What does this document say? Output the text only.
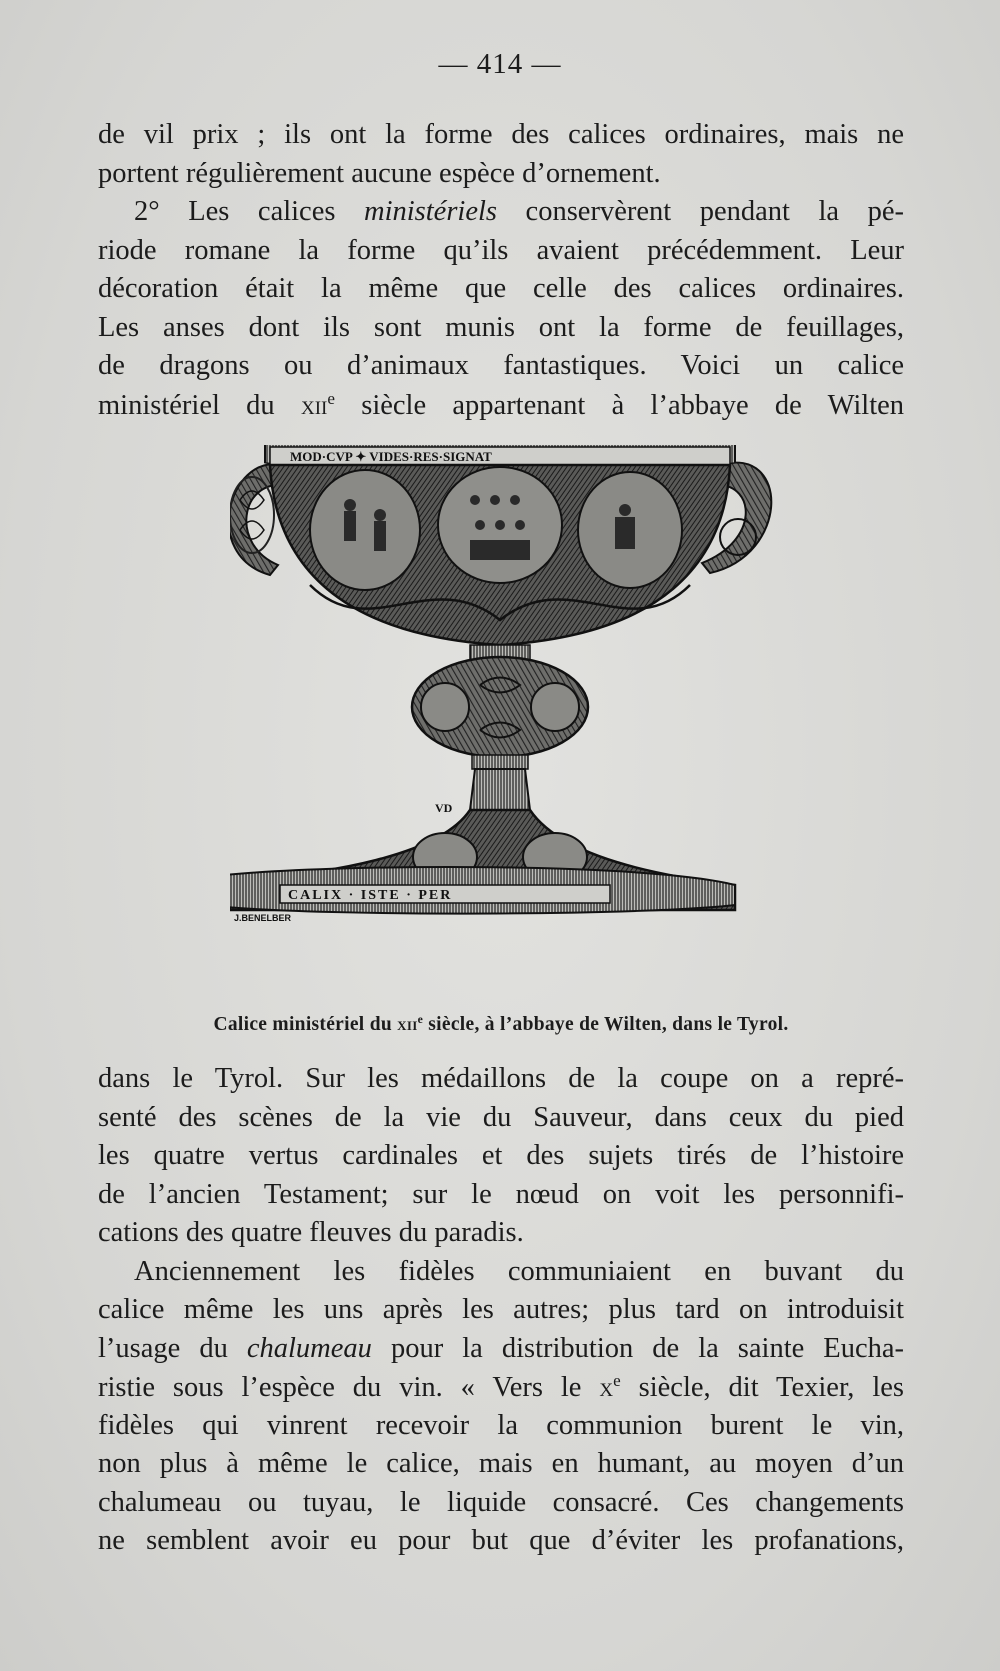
— 414 —
de vil prix ; ils ont la forme des calices ordinaires, mais ne
portent régulièrement aucune espèce d’ornement.
2° Les calices ministériels conservèrent pendant la pé-
riode romane la forme qu’ils avaient précédemment. Leur
décoration était la même que celle des calices ordinaires.
Les anses dont ils sont munis ont la forme de feuillages,
de dragons ou d’animaux fantastiques. Voici un calice
ministériel du xii$^e$ siècle appartenant à l’abbaye de Wilten
MOD·CVP ✦ VIDES·RES·SIGNAT
VD
CALIX · ISTE · PER
J.BENELBER
Calice ministériel du xii$^e$ siècle, à l’abbaye de Wilten, dans le Tyrol.
dans le Tyrol. Sur les médaillons de la coupe on a repré-
senté des scènes de la vie du Sauveur, dans ceux du pied
les quatre vertus cardinales et des sujets tirés de l’histoire
de l’ancien Testament; sur le nœud on voit les personnifi-
cations des quatre fleuves du paradis.
Anciennement les fidèles communiaient en buvant du
calice même les uns après les autres; plus tard on introduisit
l’usage du chalumeau pour la distribution de la sainte Eucha-
ristie sous l’espèce du vin. « Vers le $x^e$ siècle, dit Texier, les
fidèles qui vinrent recevoir la communion burent le vin,
non plus à même le calice, mais en humant, au moyen d’un
chalumeau ou tuyau, le liquide consacré. Ces changements
ne semblent avoir eu pour but que d’éviter les profanations,
